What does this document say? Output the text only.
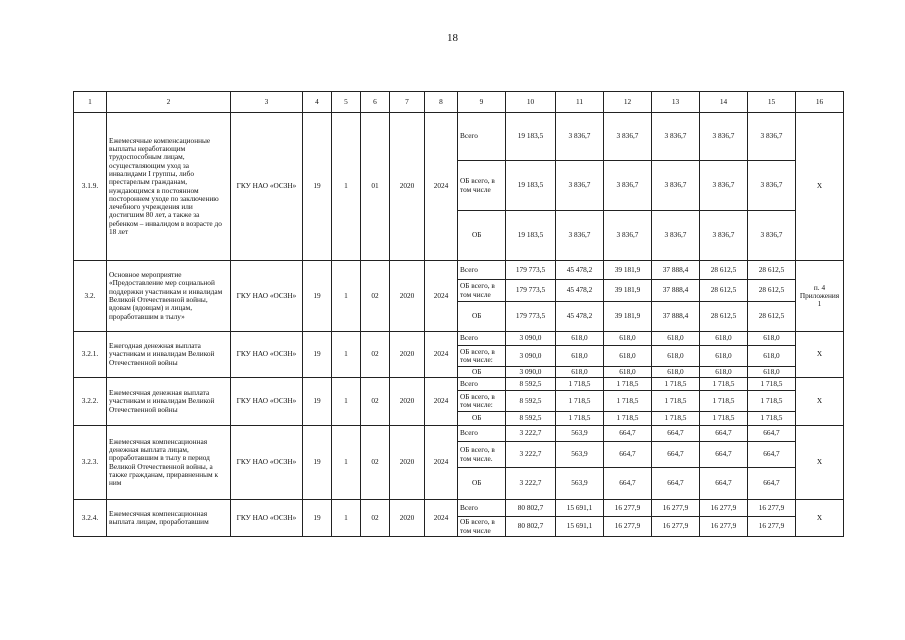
18
1	2	3	4	5	6	7	8	9	10	11	12	13	14	15	16
3.1.9.	Ежемесячные компенсационные выплаты неработающим трудоспособным лицам, осуществляющим уход за инвалидами I группы, либо престарелым гражданам, нуждающимся в постоянном постороннем уходе по заключению лечебного учреждения или достигшим 80 лет, а также за ребенком – инвалидом в возрасте до 18 лет	ГКУ НАО «ОСЗН»	19	1	01	2020	2024	Всего	19 183,5	3 836,7	3 836,7	3 836,7	3 836,7	3 836,7	Х
								ОБ всего, в том числе	19 183,5	3 836,7	3 836,7	3 836,7	3 836,7	3 836,7	
								ОБ	19 183,5	3 836,7	3 836,7	3 836,7	3 836,7	3 836,7	
3.2.	Основное мероприятие «Предоставление мер социальной поддержки участникам и инвалидам Великой Отечественной войны, вдовам (вдовцам) и лицам, проработавшим в тылу»	ГКУ НАО «ОСЗН»	19	1	02	2020	2024	Всего	179 773,5	45 478,2	39 181,9	37 888,4	28 612,5	28 612,5	п. 4 Приложения 1
								ОБ всего, в том числе	179 773,5	45 478,2	39 181,9	37 888,4	28 612,5	28 612,5	
								ОБ	179 773,5	45 478,2	39 181,9	37 888,4	28 612,5	28 612,5	
3.2.1.	Ежегодная денежная выплата участникам и инвалидам Великой Отечественной войны	ГКУ НАО «ОСЗН»	19	1	02	2020	2024	Всего	3 090,0	618,0	618,0	618,0	618,0	618,0	Х
								ОБ всего, в том числе:	3 090,0	618,0	618,0	618,0	618,0	618,0	
								ОБ	3 090,0	618,0	618,0	618,0	618,0	618,0	
3.2.2.	Ежемесячная денежная выплата участникам и инвалидам Великой Отечественной войны	ГКУ НАО «ОСЗН»	19	1	02	2020	2024	Всего	8 592,5	1 718,5	1 718,5	1 718,5	1 718,5	1 718,5	Х
								ОБ всего, в том числе:	8 592,5	1 718,5	1 718,5	1 718,5	1 718,5	1 718,5	
								ОБ	8 592,5	1 718,5	1 718,5	1 718,5	1 718,5	1 718,5	
3.2.3.	Ежемесячная компенсационная денежная выплата лицам, проработавшим в тылу в период Великой Отечественной войны, а также гражданам, приравненным к ним	ГКУ НАО «ОСЗН»	19	1	02	2020	2024	Всего	3 222,7	563,9	664,7	664,7	664,7	664,7	Х
								ОБ всего, в том числе.	3 222,7	563,9	664,7	664,7	664,7	664,7	
								ОБ	3 222,7	563,9	664,7	664,7	664,7	664,7	
3.2.4.	Ежемесячная компенсационная выплата лицам, проработавшим	ГКУ НАО «ОСЗН»	19	1	02	2020	2024	Всего	80 802,7	15 691,1	16 277,9	16 277,9	16 277,9	16 277,9	Х
								ОБ всего, в том числе	80 802,7	15 691,1	16 277,9	16 277,9	16 277,9	16 277,9	
